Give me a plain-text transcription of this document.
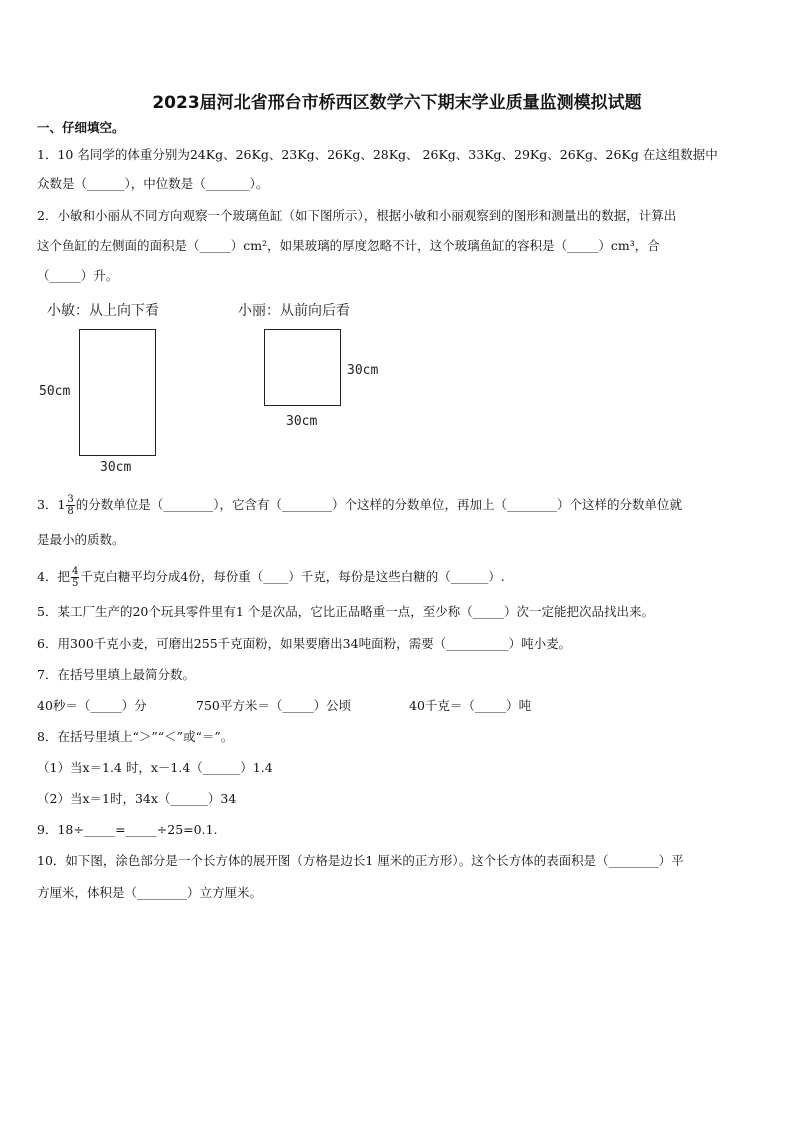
2023届河北省邢台市桥西区数学六下期末学业质量监测模拟试题
一、仔细填空。
1．10 名同学的体重分别为24Kg、26Kg、23Kg、26Kg、28Kg、 26Kg、33Kg、29Kg、26Kg、26Kg 在这组数据中
众数是（______），中位数是（_______）。
2．小敏和小丽从不同方向观察一个玻璃鱼缸（如下图所示），根据小敏和小丽观察到的图形和测量出的数据，计算出
这个鱼缸的左侧面的面积是（_____）cm²，如果玻璃的厚度忽略不计，这个玻璃鱼缸的容积是（_____）cm³，合
（_____）升。
小敏：从上向下看	小丽：从前向后看
50cm
30cm
30cm
30cm
3．$1 \frac{3}{8}$ 的分数单位是（________），它含有（________）个这样的分数单位，再加上（________）个这样的分数单位就
是最小的质数。
4．把 $\frac{4}{5}$ 千克白糖平均分成4份，每份重（____）千克，每份是这些白糖的（______）.
5．某工厂生产的20个玩具零件里有1 个是次品，它比正品略重一点，至少称（_____）次一定能把次品找出来。
6．用300千克小麦，可磨出255千克面粉，如果要磨出34吨面粉，需要（__________）吨小麦。
7．在括号里填上最简分数。
40秒＝（_____）分	750平方米＝（_____）公顷	40千克＝（_____）吨
8．在括号里填上“＞”“＜”或“＝”。
（1）当x＝1.4 时，x－1.4（______）1.4
（2）当x＝1时，34x（______）34
9．18÷_____=_____÷25=0.1.
10．如下图，涂色部分是一个长方体的展开图（方格是边长1 厘米的正方形）。这个长方体的表面积是（________）平
方厘米，体积是（________）立方厘米。
